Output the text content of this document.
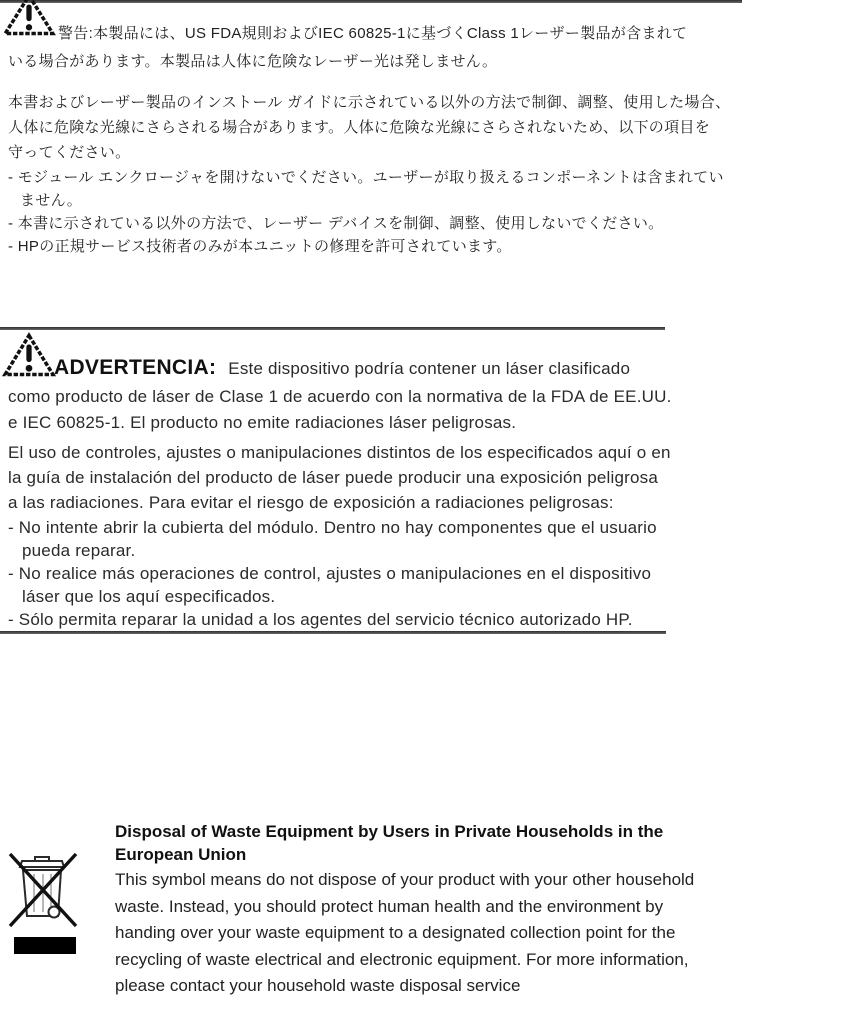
警告:本製品には、US FDA規則およびIEC 60825-1に基づくClass 1レーザー製品が含まれて
いる場合があります。本製品は人体に危険なレーザー光は発しません。
本書およびレーザー製品のインストール ガイドに示されている以外の方法で制御、調整、使用した場合、
人体に危険な光線にさらされる場合があります。人体に危険な光線にさらされないため、以下の項目を
守ってください。
- モジュール エンクロージャを開けないでください。ユーザーが取り扱えるコンポーネントは含まれてい
ません。
- 本書に示されている以外の方法で、レーザー デバイスを制御、調整、使用しないでください。
- HPの正規サービス技術者のみが本ユニットの修理を許可されています。
ADVERTENCIA: Este dispositivo podría contener un láser clasificado
como producto de láser de Clase 1 de acuerdo con la normativa de la FDA de EE.UU.
e IEC 60825-1. El producto no emite radiaciones láser peligrosas.
El uso de controles, ajustes o manipulaciones distintos de los especificados aquí o en
la guía de instalación del producto de láser puede producir una exposición peligrosa
a las radiaciones. Para evitar el riesgo de exposición a radiaciones peligrosas:
- No intente abrir la cubierta del módulo. Dentro no hay componentes que el usuario
pueda reparar.
- No realice más operaciones de control, ajustes o manipulaciones en el dispositivo
láser que los aquí especificados.
- Sólo permita reparar la unidad a los agentes del servicio técnico autorizado HP.
Disposal of Waste Equipment by Users in Private Households in the
European Union
This symbol means do not dispose of your product with your other household
waste. Instead, you should protect human health and the environment by
handing over your waste equipment to a designated collection point for the
recycling of waste electrical and electronic equipment. For more information,
please contact your household waste disposal service
